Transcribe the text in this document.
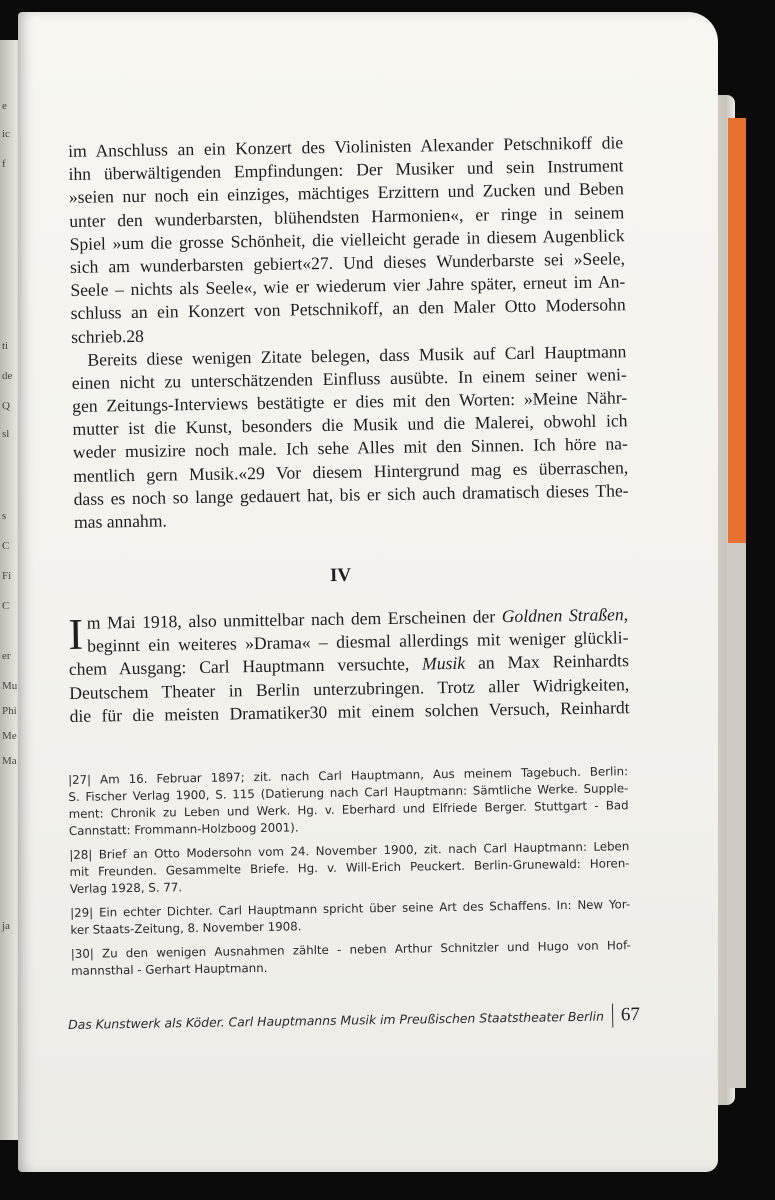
e
ic
f
ti
de
Q
sl
s
C
Fi
C
er
Mu
Phi
Me
Ma
ja
im Anschluss an ein Konzert des Violinisten Alexander Petschnikoff die
ihn überwältigenden Empfindungen: Der Musiker und sein Instrument
»seien nur noch ein einziges, mächtiges Erzittern und Zucken und Beben
unter den wunderbarsten, blühendsten Harmonien«, er ringe in seinem
Spiel »um die grosse Schönheit, die vielleicht gerade in diesem Augenblick
sich am wunderbarsten gebiert«27. Und dieses Wunderbarste sei »Seele,
Seele – nichts als Seele«, wie er wiederum vier Jahre später, erneut im An-
schluss an ein Konzert von Petschnikoff, an den Maler Otto Modersohn
schrieb.28
Bereits diese wenigen Zitate belegen, dass Musik auf Carl Hauptmann
einen nicht zu unterschätzenden Einfluss ausübte. In einem seiner weni-
gen Zeitungs-Interviews bestätigte er dies mit den Worten: »Meine Nähr-
mutter ist die Kunst, besonders die Musik und die Malerei, obwohl ich
weder musizire noch male. Ich sehe Alles mit den Sinnen. Ich höre na-
mentlich gern Musik.«29 Vor diesem Hintergrund mag es überraschen,
dass es noch so lange gedauert hat, bis er sich auch dramatisch dieses The-
mas annahm.
IV
I m Mai 1918, also unmittelbar nach dem Erscheinen der Goldnen Straßen,
beginnt ein weiteres »Drama« – diesmal allerdings mit weniger glückli-
chem Ausgang: Carl Hauptmann versuchte, Musik an Max Reinhardts
Deutschem Theater in Berlin unterzubringen. Trotz aller Widrigkeiten,
die für die meisten Dramatiker30 mit einem solchen Versuch, Reinhardt
|27| Am 16. Februar 1897; zit. nach Carl Hauptmann, Aus meinem Tagebuch. Berlin:
S. Fischer Verlag 1900, S. 115 (Datierung nach Carl Hauptmann: Sämtliche Werke. Supple-
ment: Chronik zu Leben und Werk. Hg. v. Eberhard und Elfriede Berger. Stuttgart - Bad
Cannstatt: Frommann-Holzboog 2001).
|28| Brief an Otto Modersohn vom 24. November 1900, zit. nach Carl Hauptmann: Leben
mit Freunden. Gesammelte Briefe. Hg. v. Will-Erich Peuckert. Berlin-Grunewald: Horen-
Verlag 1928, S. 77.
|29| Ein echter Dichter. Carl Hauptmann spricht über seine Art des Schaffens. In: New Yor-
ker Staats-Zeitung, 8. November 1908.
|30| Zu den wenigen Ausnahmen zählte - neben Arthur Schnitzler und Hugo von Hof-
mannsthal - Gerhart Hauptmann.
Das Kunstwerk als Köder. Carl Hauptmanns Musik im Preußischen Staatstheater Berlin 67
